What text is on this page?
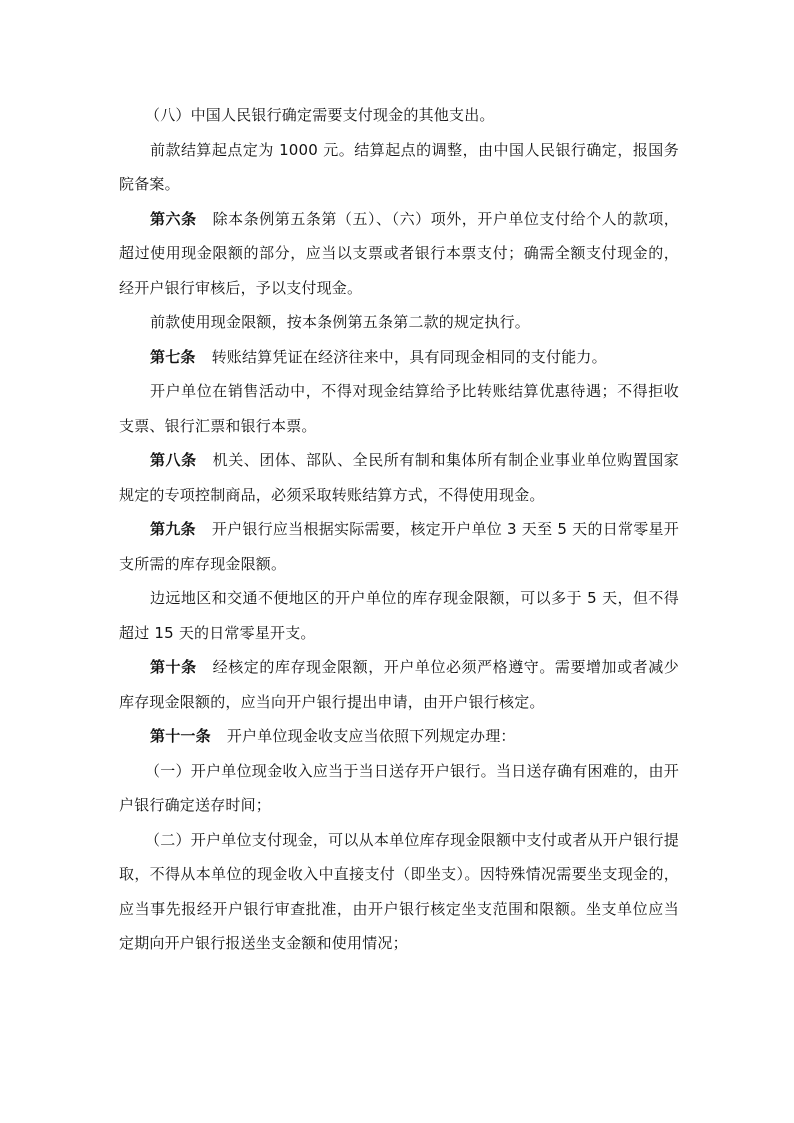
（八）中国人民银行确定需要支付现金的其他支出。

前款结算起点定为 1000 元。结算起点的调整，由中国人民银行确定，报国务院备案。

第六条 除本条例第五条第（五）、（六）项外，开户单位支付给个人的款项，超过使用现金限额的部分，应当以支票或者银行本票支付；确需全额支付现金的，经开户银行审核后，予以支付现金。

前款使用现金限额，按本条例第五条第二款的规定执行。

第七条 转账结算凭证在经济往来中，具有同现金相同的支付能力。

开户单位在销售活动中，不得对现金结算给予比转账结算优惠待遇；不得拒收支票、银行汇票和银行本票。

第八条 机关、团体、部队、全民所有制和集体所有制企业事业单位购置国家规定的专项控制商品，必须采取转账结算方式，不得使用现金。

第九条 开户银行应当根据实际需要，核定开户单位 3 天至 5 天的日常零星开支所需的库存现金限额。

边远地区和交通不便地区的开户单位的库存现金限额，可以多于 5 天，但不得超过 15 天的日常零星开支。

第十条 经核定的库存现金限额，开户单位必须严格遵守。需要增加或者减少库存现金限额的，应当向开户银行提出申请，由开户银行核定。

第十一条 开户单位现金收支应当依照下列规定办理：

（一）开户单位现金收入应当于当日送存开户银行。当日送存确有困难的，由开户银行确定送存时间；

（二）开户单位支付现金，可以从本单位库存现金限额中支付或者从开户银行提取，不得从本单位的现金收入中直接支付（即坐支）。因特殊情况需要坐支现金的，应当事先报经开户银行审查批准，由开户银行核定坐支范围和限额。坐支单位应当定期向开户银行报送坐支金额和使用情况；
